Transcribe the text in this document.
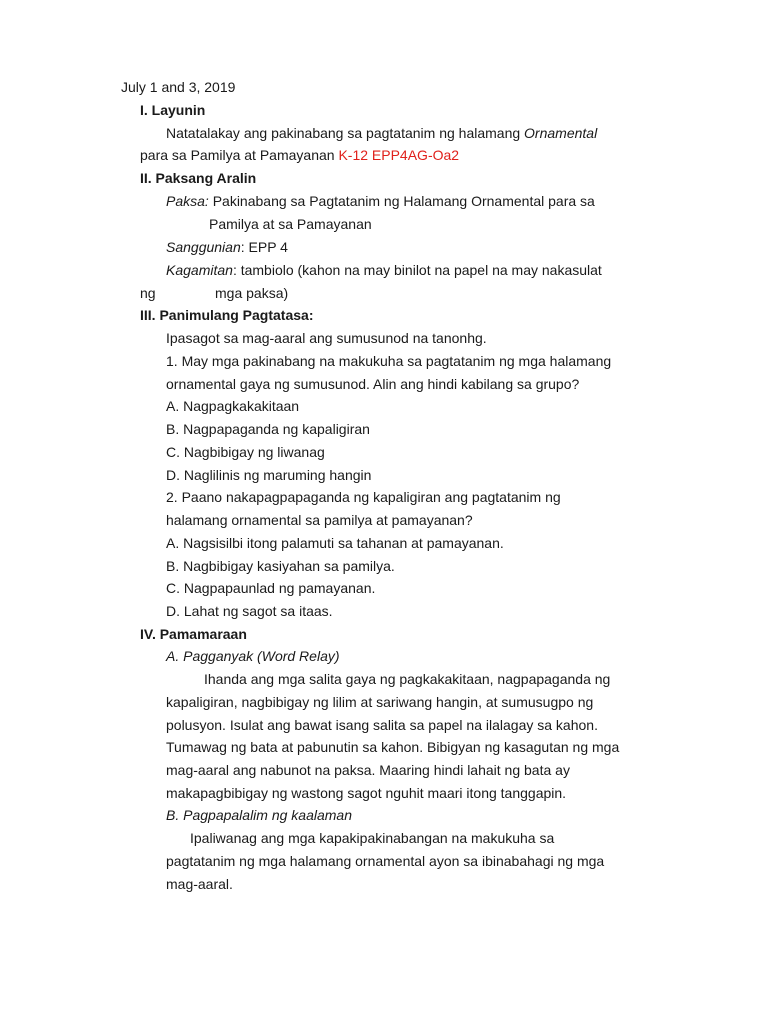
July 1 and 3, 2019
I. Layunin
Natatalakay ang pakinabang sa pagtatanim ng halamang Ornamental
para sa Pamilya at Pamayanan K-12 EPP4AG-Oa2
II. Paksang Aralin
Paksa: Pakinabang sa Pagtatanim ng Halamang Ornamental para sa
Pamilya at sa Pamayanan
Sanggunian: EPP 4
Kagamitan: tambiolo (kahon na may binilot na papel na may nakasulat
ng	mga paksa)
III. Panimulang Pagtatasa:
Ipasagot sa mag-aaral ang sumusunod na tanonhg.
1. May mga pakinabang na makukuha sa pagtatanim ng mga halamang
ornamental gaya ng sumusunod. Alin ang hindi kabilang sa grupo?
A. Nagpagkakakitaan
B. Nagpapaganda ng kapaligiran
C. Nagbibigay ng liwanag
D. Naglilinis ng maruming hangin
2. Paano nakapagpapaganda ng kapaligiran ang pagtatanim ng
halamang ornamental sa pamilya at pamayanan?
A. Nagsisilbi itong palamuti sa tahanan at pamayanan.
B. Nagbibigay kasiyahan sa pamilya.
C. Nagpapaunlad ng pamayanan.
D. Lahat ng sagot sa itaas.
IV. Pamamaraan
A. Pagganyak (Word Relay)
Ihanda ang mga salita gaya ng pagkakakitaan, nagpapaganda ng
kapaligiran, nagbibigay ng lilim at sariwang hangin, at sumusugpo ng
polusyon. Isulat ang bawat isang salita sa papel na ilalagay sa kahon.
Tumawag ng bata at pabunutin sa kahon. Bibigyan ng kasagutan ng mga
mag-aaral ang nabunot na paksa. Maaring hindi lahait ng bata ay
makapagbibigay ng wastong sagot nguhit maari itong tanggapin.
B. Pagpapalalim ng kaalaman
Ipaliwanag ang mga kapakipakinabangan na makukuha sa
pagtatanim ng mga halamang ornamental ayon sa ibinabahagi ng mga
mag-aaral.
